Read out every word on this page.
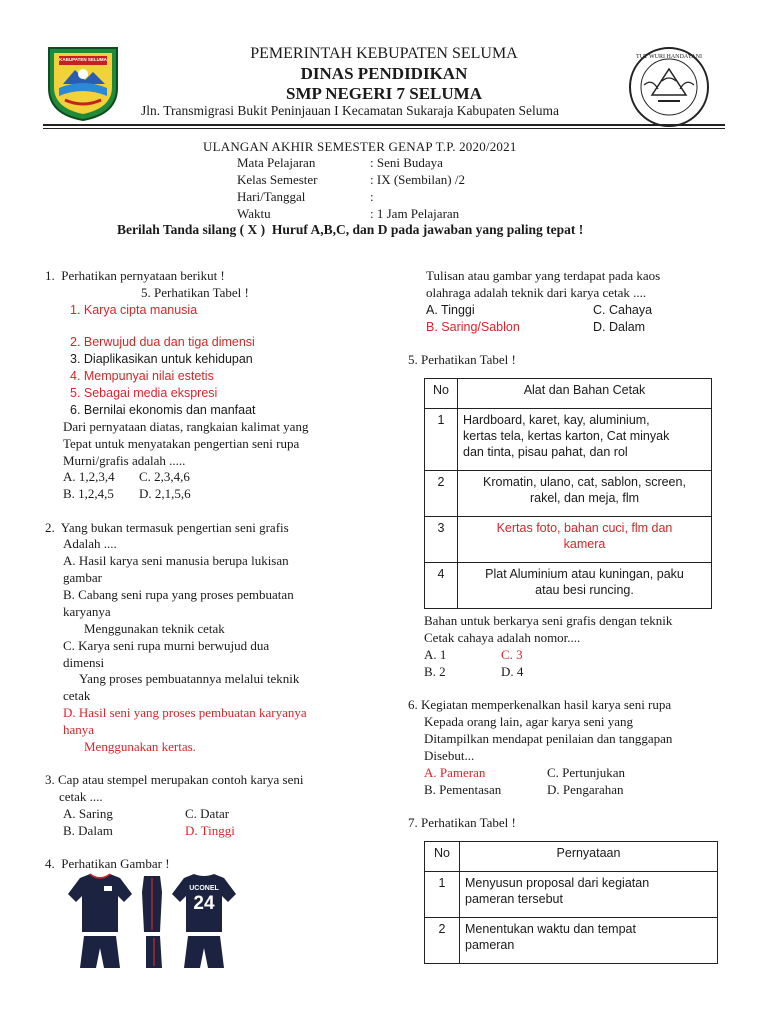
KABUPATEN SELUMA	TUT WURI HANDAYANI
PEMERINTAH KEBUPATEN SELUMA
DINAS PENDIDIKAN
SMP NEGERI 7 SELUMA
Jln. Transmigrasi Bukit Peninjauan I Kecamatan Sukaraja Kabupaten Seluma
ULANGAN AKHIR SEMESTER GENAP T.P. 2020/2021
Mata Pelajaran	: Seni Budaya
Kelas Semester	: IX (Sembilan) /2
Hari/Tanggal	:
Waktu	: 1 Jam Pelajaran
Berilah Tanda silang ( X )  Huruf A,B,C, dan D pada jawaban yang paling tepat !
1.  Perhatikan pernyataan berikut !
5. Perhatikan Tabel !
1. Karya cipta manusia
2. Berwujud dua dan tiga dimensi
3. Diaplikasikan untuk kehidupan
4. Mempunyai nilai estetis
5. Sebagai media ekspresi
6. Bernilai ekonomis dan manfaat
Dari pernyataan diatas, rangkaian kalimat yang
Tepat untuk menyatakan pengertian seni rupa
Murni/grafis adalah .....
A. 1,2,3,4 C. 2,3,4,6
B. 1,2,4,5 D. 2,1,5,6
2.  Yang bukan termasuk pengertian seni grafis
Adalah ....
A. Hasil karya seni manusia berupa lukisan
gambar
B. Cabang seni rupa yang proses pembuatan
karyanya
Menggunakan teknik cetak
C. Karya seni rupa murni berwujud dua
dimensi
Yang proses pembuatannya melalui teknik
cetak
D. Hasil seni yang proses pembuatan karyanya
hanya
Menggunakan kertas.
3. Cap atau stempel merupakan contoh karya seni
cetak ....
A. Saring	C. Datar
B. Dalam	D. Tinggi
4.  Perhatikan Gambar !
UCONEL
24
Tulisan atau gambar yang terdapat pada kaos
olahraga adalah teknik dari karya cetak ....
A. Tinggi	C. Cahaya
B. Saring/Sablon	D. Dalam
5. Perhatikan Tabel !
No	Alat dan Bahan Cetak
1	Hardboard, karet, kay, aluminium,
kertas tela, kertas karton, Cat minyak
dan tinta, pisau pahat, dan rol

2	Kromatin, ulano, cat, sablon, screen,
rakel, dan meja, flm

3	Kertas foto, bahan cuci, flm dan
kamera

4	Plat Aluminium atau kuningan, paku
atau besi runcing.
Bahan untuk berkarya seni grafis dengan teknik
Cetak cahaya adalah nomor....
A. 1	C. 3
B. 2	D. 4
6. Kegiatan memperkenalkan hasil karya seni rupa
Kepada orang lain, agar karya seni yang
Ditampilkan mendapat penilaian dan tanggapan
Disebut...
A. Pameran	C. Pertunjukan
B. Pementasan	D. Pengarahan
7. Perhatikan Tabel !
No	Pernyataan
1	Menyusun proposal dari kegiatan
pameran tersebut

2	Menentukan waktu dan tempat
pameran
